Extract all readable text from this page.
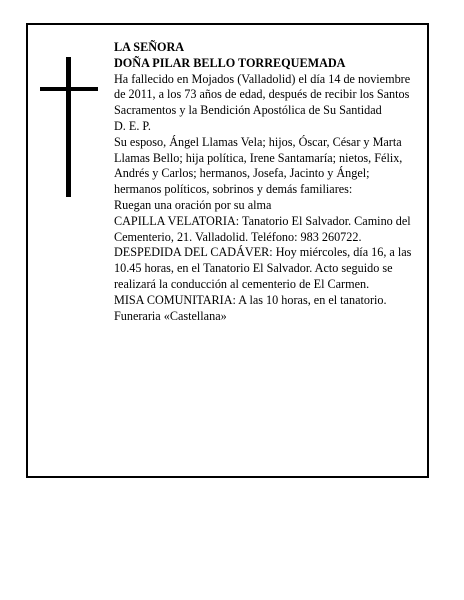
LA SEÑORA

DOÑA PILAR BELLO TORREQUEMADA

Ha fallecido en Mojados (Valladolid) el día 14 de noviembre de 2011, a los 73 años de edad, después de recibir los Santos Sacramentos y la Bendición Apostólica de Su Santidad

D. E. P.

Su esposo, Ángel Llamas Vela; hijos, Óscar, César y Marta Llamas Bello; hija política, Irene Santamaría; nietos, Félix, Andrés y Carlos; hermanos, Josefa, Jacinto y Ángel; hermanos políticos, sobrinos y demás familiares:

Ruegan una oración por su alma

CAPILLA VELATORIA: Tanatorio El Salvador. Camino del Cementerio, 21. Valladolid. Teléfono: 983 260722.

DESPEDIDA DEL CADÁVER: Hoy miércoles, día 16, a las 10.45 horas, en el Tanatorio El Salvador. Acto seguido se realizará la conducción al cementerio de El Carmen.

MISA COMUNITARIA: A las 10 horas, en el tanatorio.

Funeraria «Castellana»
